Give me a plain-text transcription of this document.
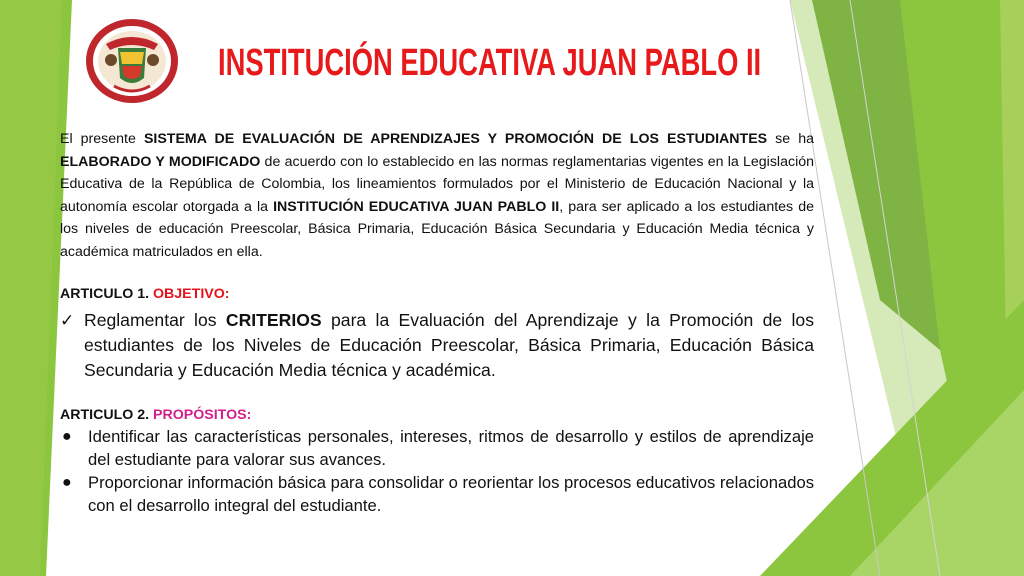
INSTITUCIÓN EDUCATIVA JUAN PABLO II

El presente SISTEMA DE EVALUACIÓN DE APRENDIZAJES Y PROMOCIÓN DE LOS ESTUDIANTES se ha ELABORADO Y MODIFICADO de acuerdo con lo establecido en las normas reglamentarias vigentes en la Legislación Educativa de la República de Colombia, los lineamientos formulados por el Ministerio de Educación Nacional y la autonomía escolar otorgada a la INSTITUCIÓN EDUCATIVA JUAN PABLO II, para ser aplicado a los estudiantes de los niveles de educación Preescolar, Básica Primaria, Educación Básica Secundaria y Educación Media técnica y académica matriculados en ella.

ARTICULO 1. OBJETIVO:

✓ Reglamentar los CRITERIOS para la Evaluación del Aprendizaje y la Promoción de los estudiantes de los Niveles de Educación Preescolar, Básica Primaria, Educación Básica Secundaria y Educación Media técnica y académica.

ARTICULO 2. PROPÓSITOS:

● Identificar las características personales, intereses, ritmos de desarrollo y estilos de aprendizaje del estudiante para valorar sus avances.
● Proporcionar información básica para consolidar o reorientar los procesos educativos relacionados con el desarrollo integral del estudiante.
